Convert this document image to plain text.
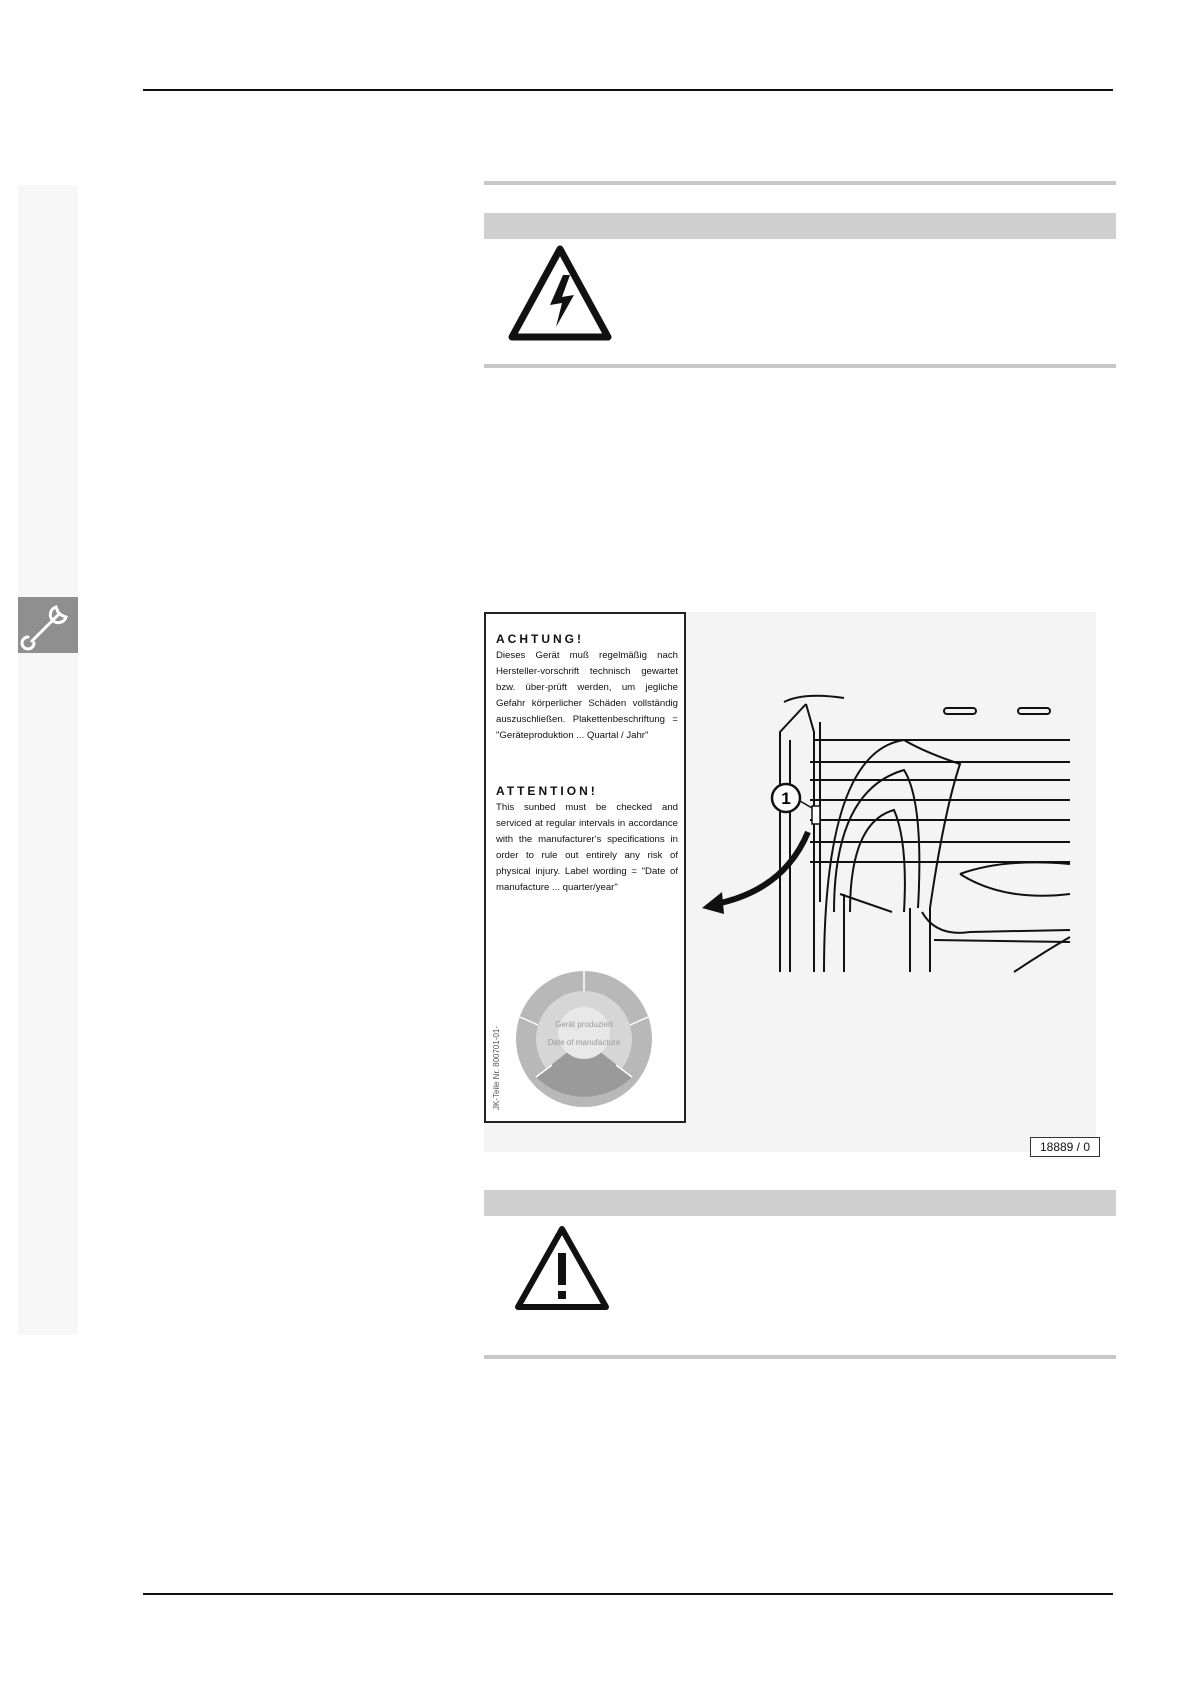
1
ACHTUNG!
Dieses Gerät muß regelmäßig nach Hersteller-vorschrift technisch gewartet bzw. über-prüft werden, um jegliche Gefahr körperlicher Schäden vollständig auszuschließen. Plakettenbeschriftung = "Geräteproduktion ... Quartal / Jahr"
ATTENTION!
This sunbed must be checked and serviced at regular intervals in accordance with the manufacturer's specifications in order to rule out entirely any risk of physical injury. Label wording = "Date of manufacture ... quarter/year"
Gerät produziert
Date of manufacture
JK-Teile Nr. 800701-01-
18889 / 0
